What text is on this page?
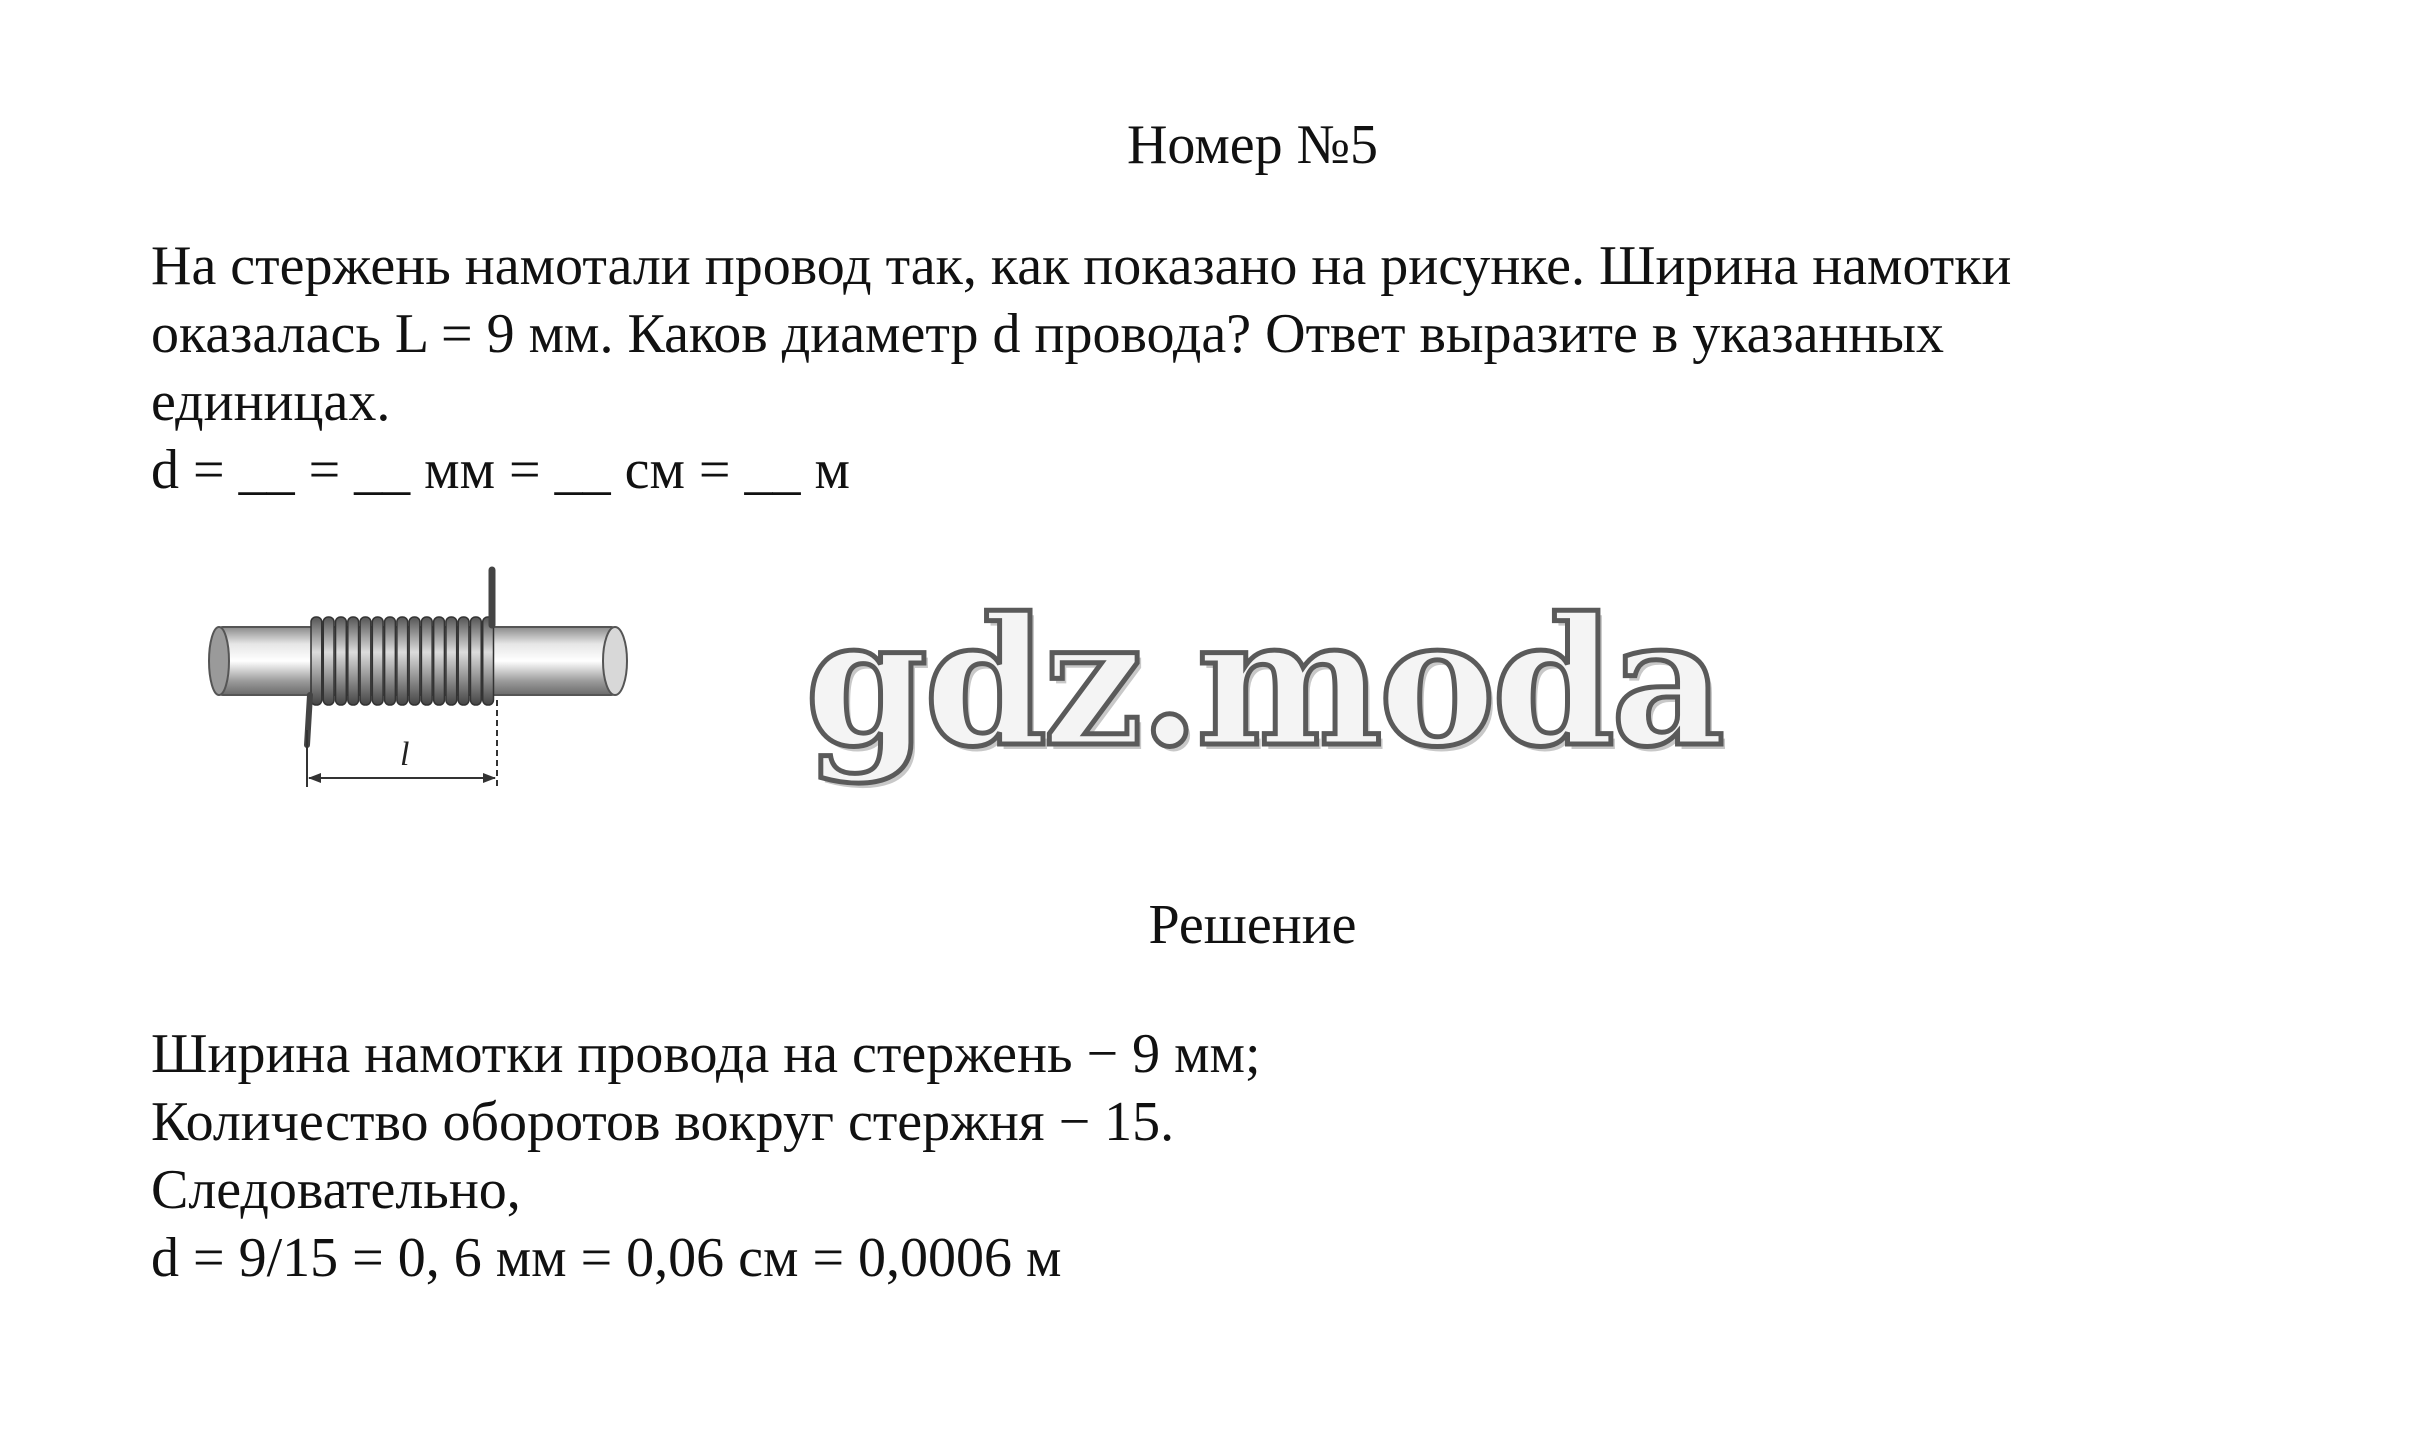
Номер №5
На стержень намотали провод так, как показано на рисунке. Ширина намотки
оказалась L = 9 мм. Каков диаметр d провода? Ответ выразите в указанных
единицах.
d = __ = __ мм = __ см = __ м
l gdz.moda
Решение
Ширина намотки провода на стержень − 9 мм;
Количество оборотов вокруг стержня − 15.
Следовательно,
d = 9/15 = 0, 6 мм = 0,06 см = 0,0006 м
